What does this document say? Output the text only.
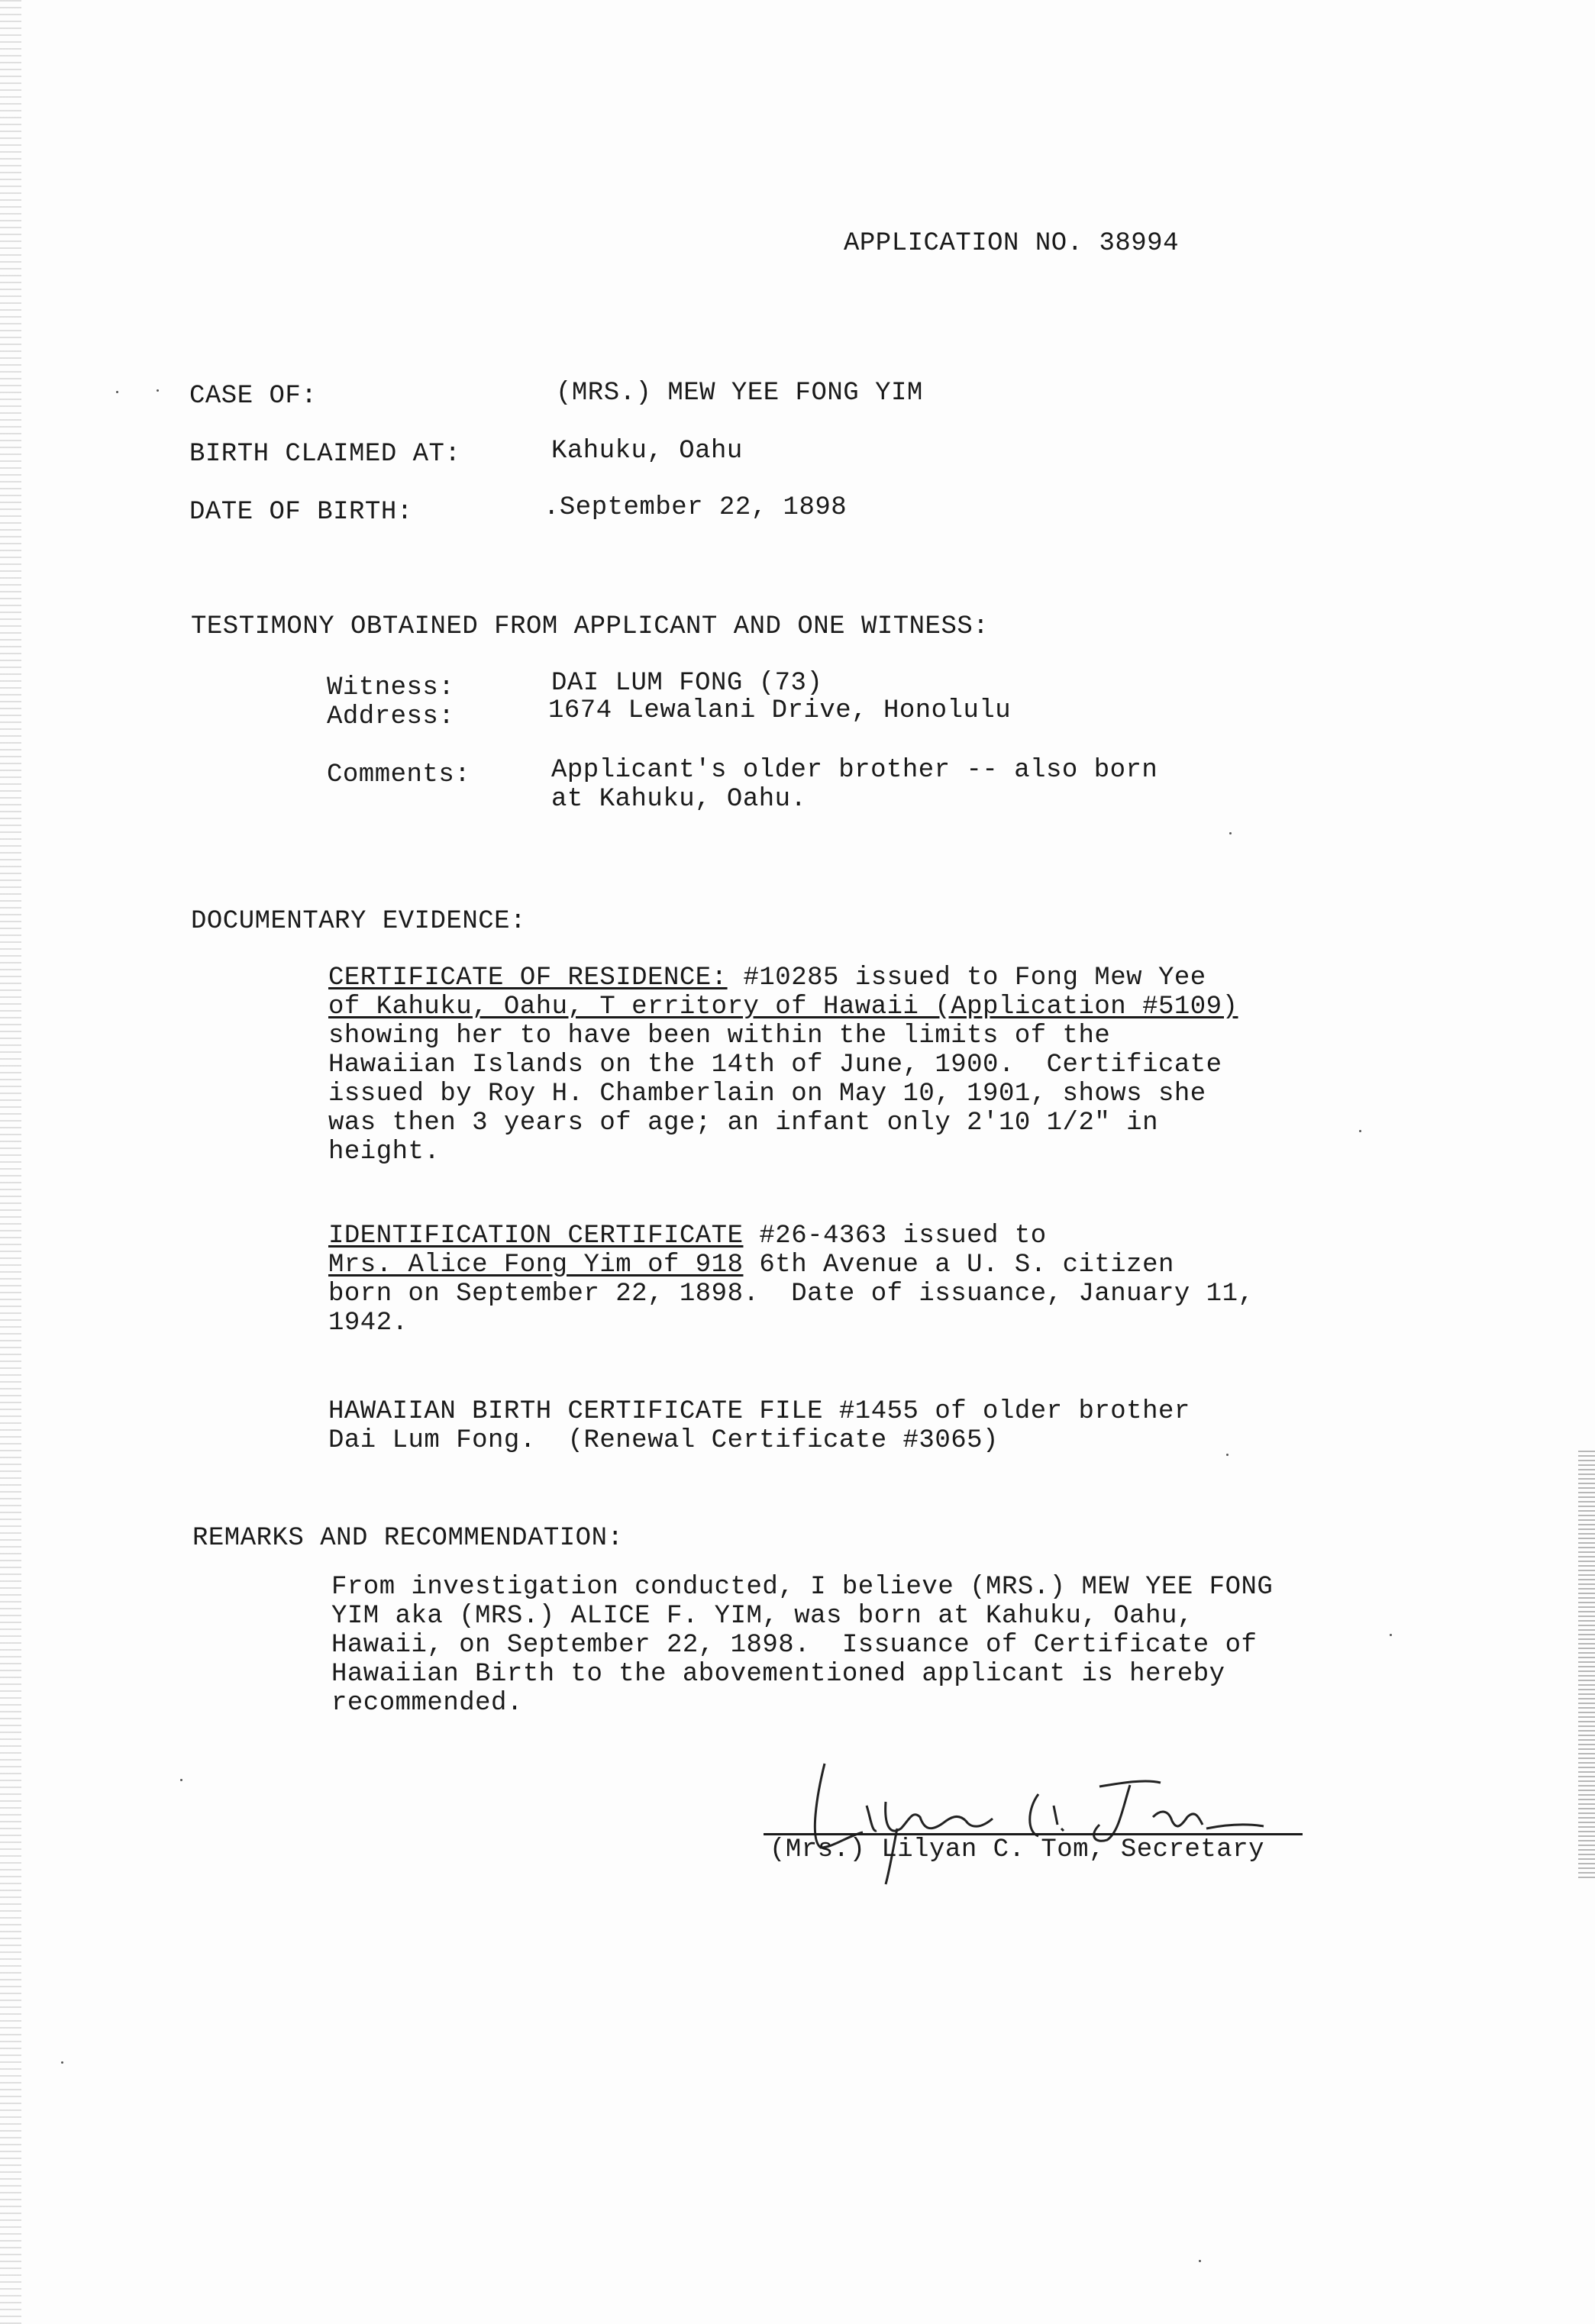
APPLICATION NO. 38994
CASE OF:	(MRS.) MEW YEE FONG YIM
BIRTH CLAIMED AT:	Kahuku, Oahu
DATE OF BIRTH:	.September 22, 1898
TESTIMONY OBTAINED FROM APPLICANT AND ONE WITNESS:
Witness:	DAI LUM FONG (73)
Address:	1674 Lewalani Drive, Honolulu
Comments:	Applicant's older brother -- also born
at Kahuku, Oahu.
DOCUMENTARY EVIDENCE:
CERTIFICATE OF RESIDENCE: #10285 issued to Fong Mew Yee
of Kahuku, Oahu, T erritory of Hawaii (Application #5109)
showing her to have been within the limits of the
Hawaiian Islands on the 14th of June, 1900.  Certificate
issued by Roy H. Chamberlain on May 10, 1901, shows she
was then 3 years of age; an infant only 2'10 1/2" in
height.
IDENTIFICATION CERTIFICATE #26-4363 issued to
Mrs. Alice Fong Yim of 918 6th Avenue a U. S. citizen
born on September 22, 1898.  Date of issuance, January 11,
1942.
HAWAIIAN BIRTH CERTIFICATE FILE #1455 of older brother
Dai Lum Fong.  (Renewal Certificate #3065)
REMARKS AND RECOMMENDATION:
From investigation conducted, I believe (MRS.) MEW YEE FONG
YIM aka (MRS.) ALICE F. YIM, was born at Kahuku, Oahu,
Hawaii, on September 22, 1898.  Issuance of Certificate of
Hawaiian Birth to the abovementioned applicant is hereby
recommended.
(Mrs.) Lilyan C. Tom, Secretary
